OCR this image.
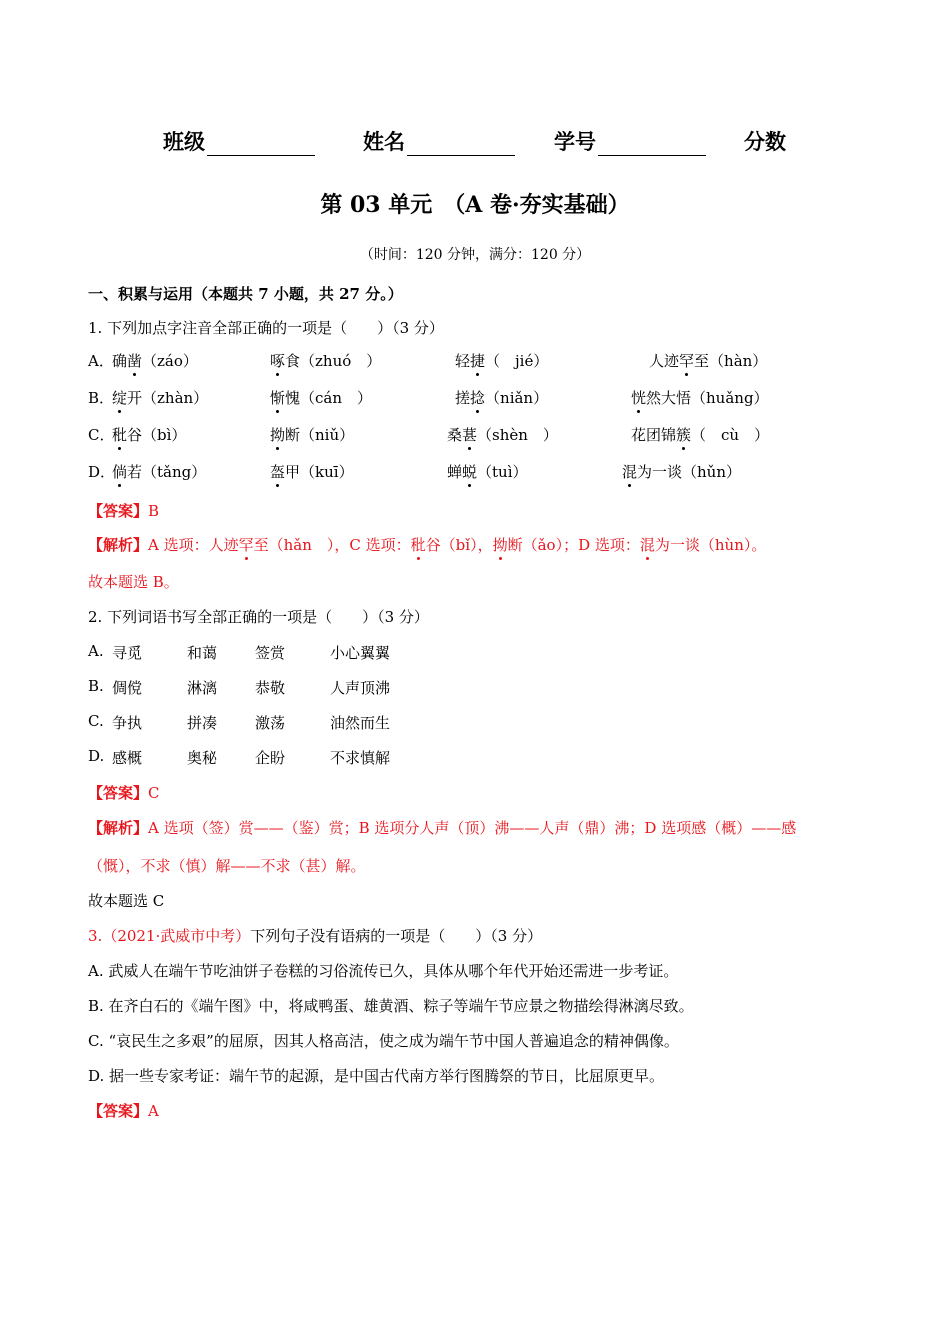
班级	姓名	学号	分数
第 03 单元　（A 卷·夯实基础）
（时间：120 分钟，满分：120 分）
一、积累与运用（本题共 7 小题，共 27 分。）
1. 下列加点字注音全部正确的一项是（　　）（3 分）
A．
确凿（záo）	啄食（zhuó　）	轻捷（　jié）	人迹罕至（hàn）
B．
绽开（zhàn）	惭愧（cán　）	搓捻（niǎn）	恍然大悟（huǎng）
C．
秕谷（bì）	拗断（niǔ）	桑葚（shèn　）	花团锦簇（　cù　）
D．
倘若（tǎng）	盔甲（kuī）	蝉蜕（tuì）	混为一谈（hǔn）
【答案】B
【解析】A 选项：人迹罕至（hǎn　），C 选项：秕谷（bǐ），拗断（ǎo）；D 选项：混为一谈（hùn）。
故本题选 B。
2. 下列词语书写全部正确的一项是（　　）（3 分）
A. 寻觅	和蔼	签赏	小心翼翼
B. 倜傥	淋漓	恭敬	人声顶沸
C. 争执	拼凑	激荡	油然而生
D. 感概	奥秘	企盼	不求慎解
【答案】C
【解析】A 选项（签）赏——（鉴）赏；B 选项分人声（顶）沸——人声（鼎）沸；D 选项感（概）——感
（慨），不求（慎）解——不求（甚）解。
故本题选 C
3.（2021·武威市中考）下列句子没有语病的一项是（　　）（3 分）
A. 武威人在端午节吃油饼子卷糕的习俗流传已久，具体从哪个年代开始还需进一步考证。
B. 在齐白石的《端午图》中，将咸鸭蛋、雄黄酒、粽子等端午节应景之物描绘得淋漓尽致。
C. “哀民生之多艰”的屈原，因其人格高洁，使之成为端午节中国人普遍追念的精神偶像。
D. 据一些专家考证：端午节的起源，是中国古代南方举行图腾祭的节日，比屈原更早。
【答案】A
